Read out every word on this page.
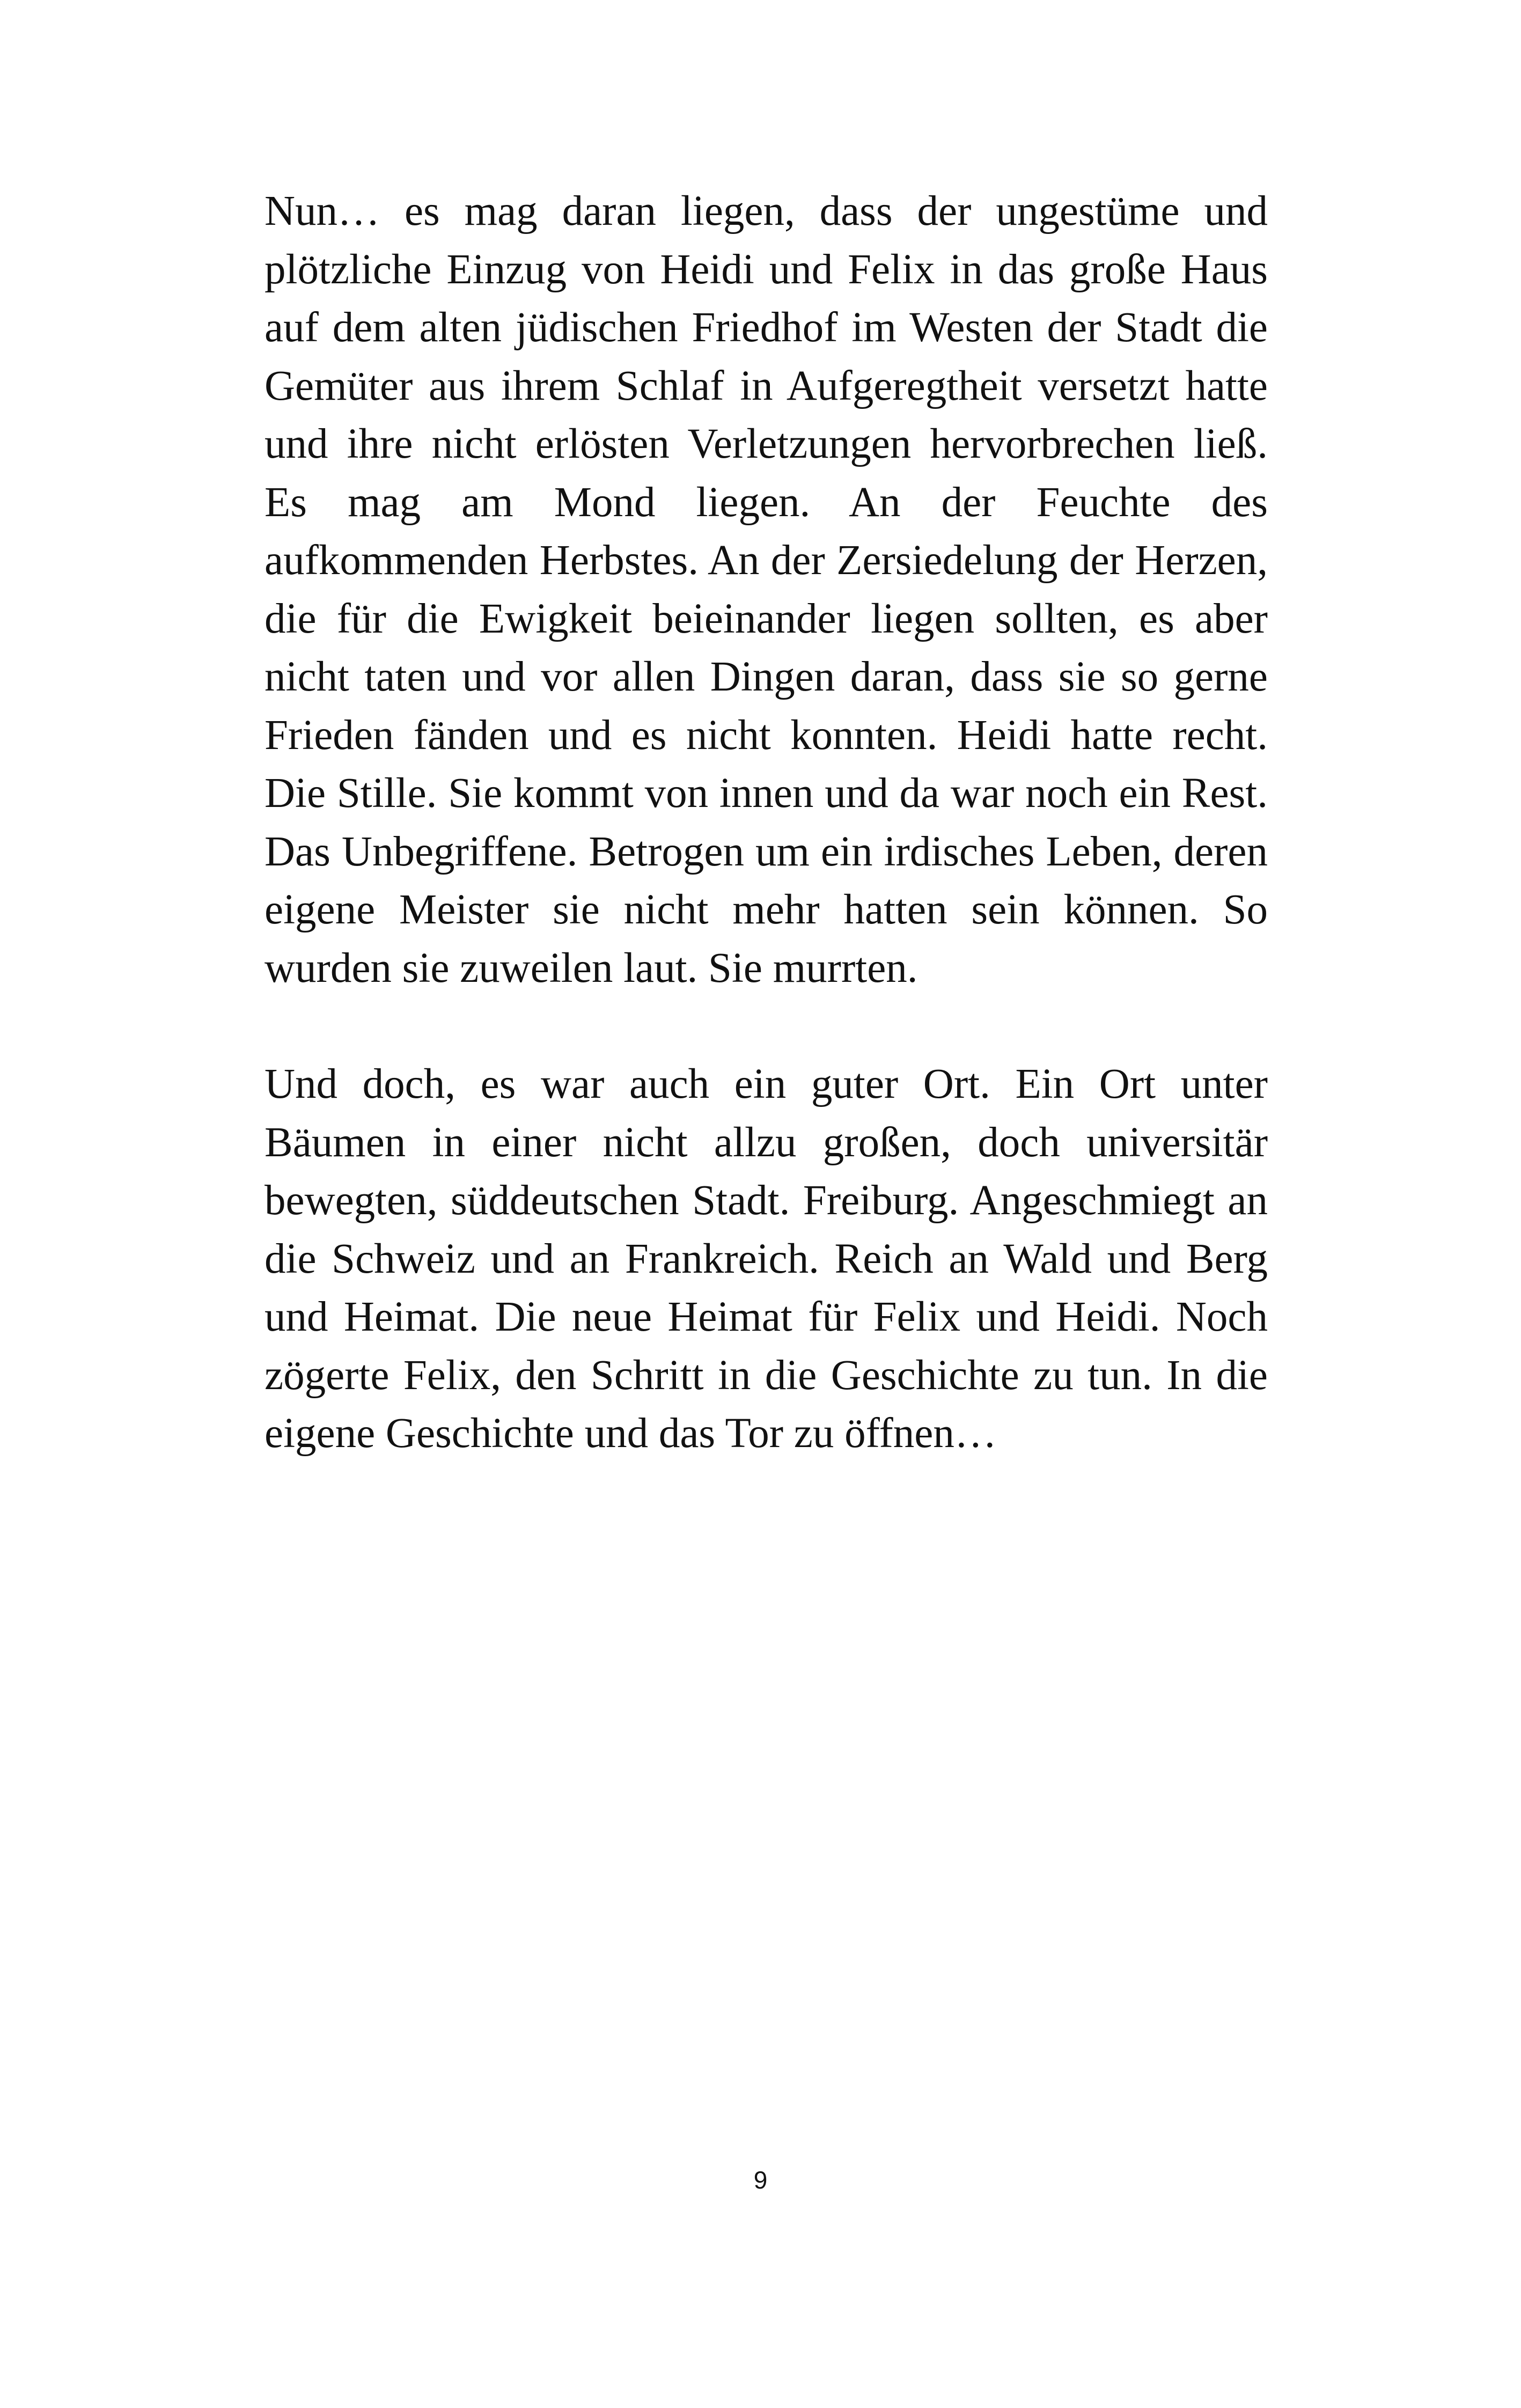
Nun… es mag daran liegen, dass der ungestüme und plötzliche Einzug von Heidi und Felix in das große Haus auf dem alten jüdischen Friedhof im Westen der Stadt die Gemüter aus ihrem Schlaf in Aufgeregtheit versetzt hatte und ihre nicht erlösten Verletzungen hervorbrechen ließ. Es mag am Mond liegen. An der Feuchte des aufkommenden Herbstes. An der Zersiedelung der Herzen, die für die Ewigkeit beieinander liegen sollten, es aber nicht taten und vor allen Dingen daran, dass sie so gerne Frieden fänden und es nicht konnten. Heidi hatte recht. Die Stille. Sie kommt von innen und da war noch ein Rest. Das Unbegriffene. Betrogen um ein irdisches Leben, deren eigene Meister sie nicht mehr hatten sein können. So wurden sie zuweilen laut. Sie murrten.

Und doch, es war auch ein guter Ort. Ein Ort unter Bäumen in einer nicht allzu großen, doch universitär bewegten, süddeutschen Stadt. Freiburg. Angeschmiegt an die Schweiz und an Frankreich. Reich an Wald und Berg und Heimat. Die neue Heimat für Felix und Heidi. Noch zögerte Felix, den Schritt in die Geschichte zu tun. In die eigene Geschichte und das Tor zu öffnen…

9
